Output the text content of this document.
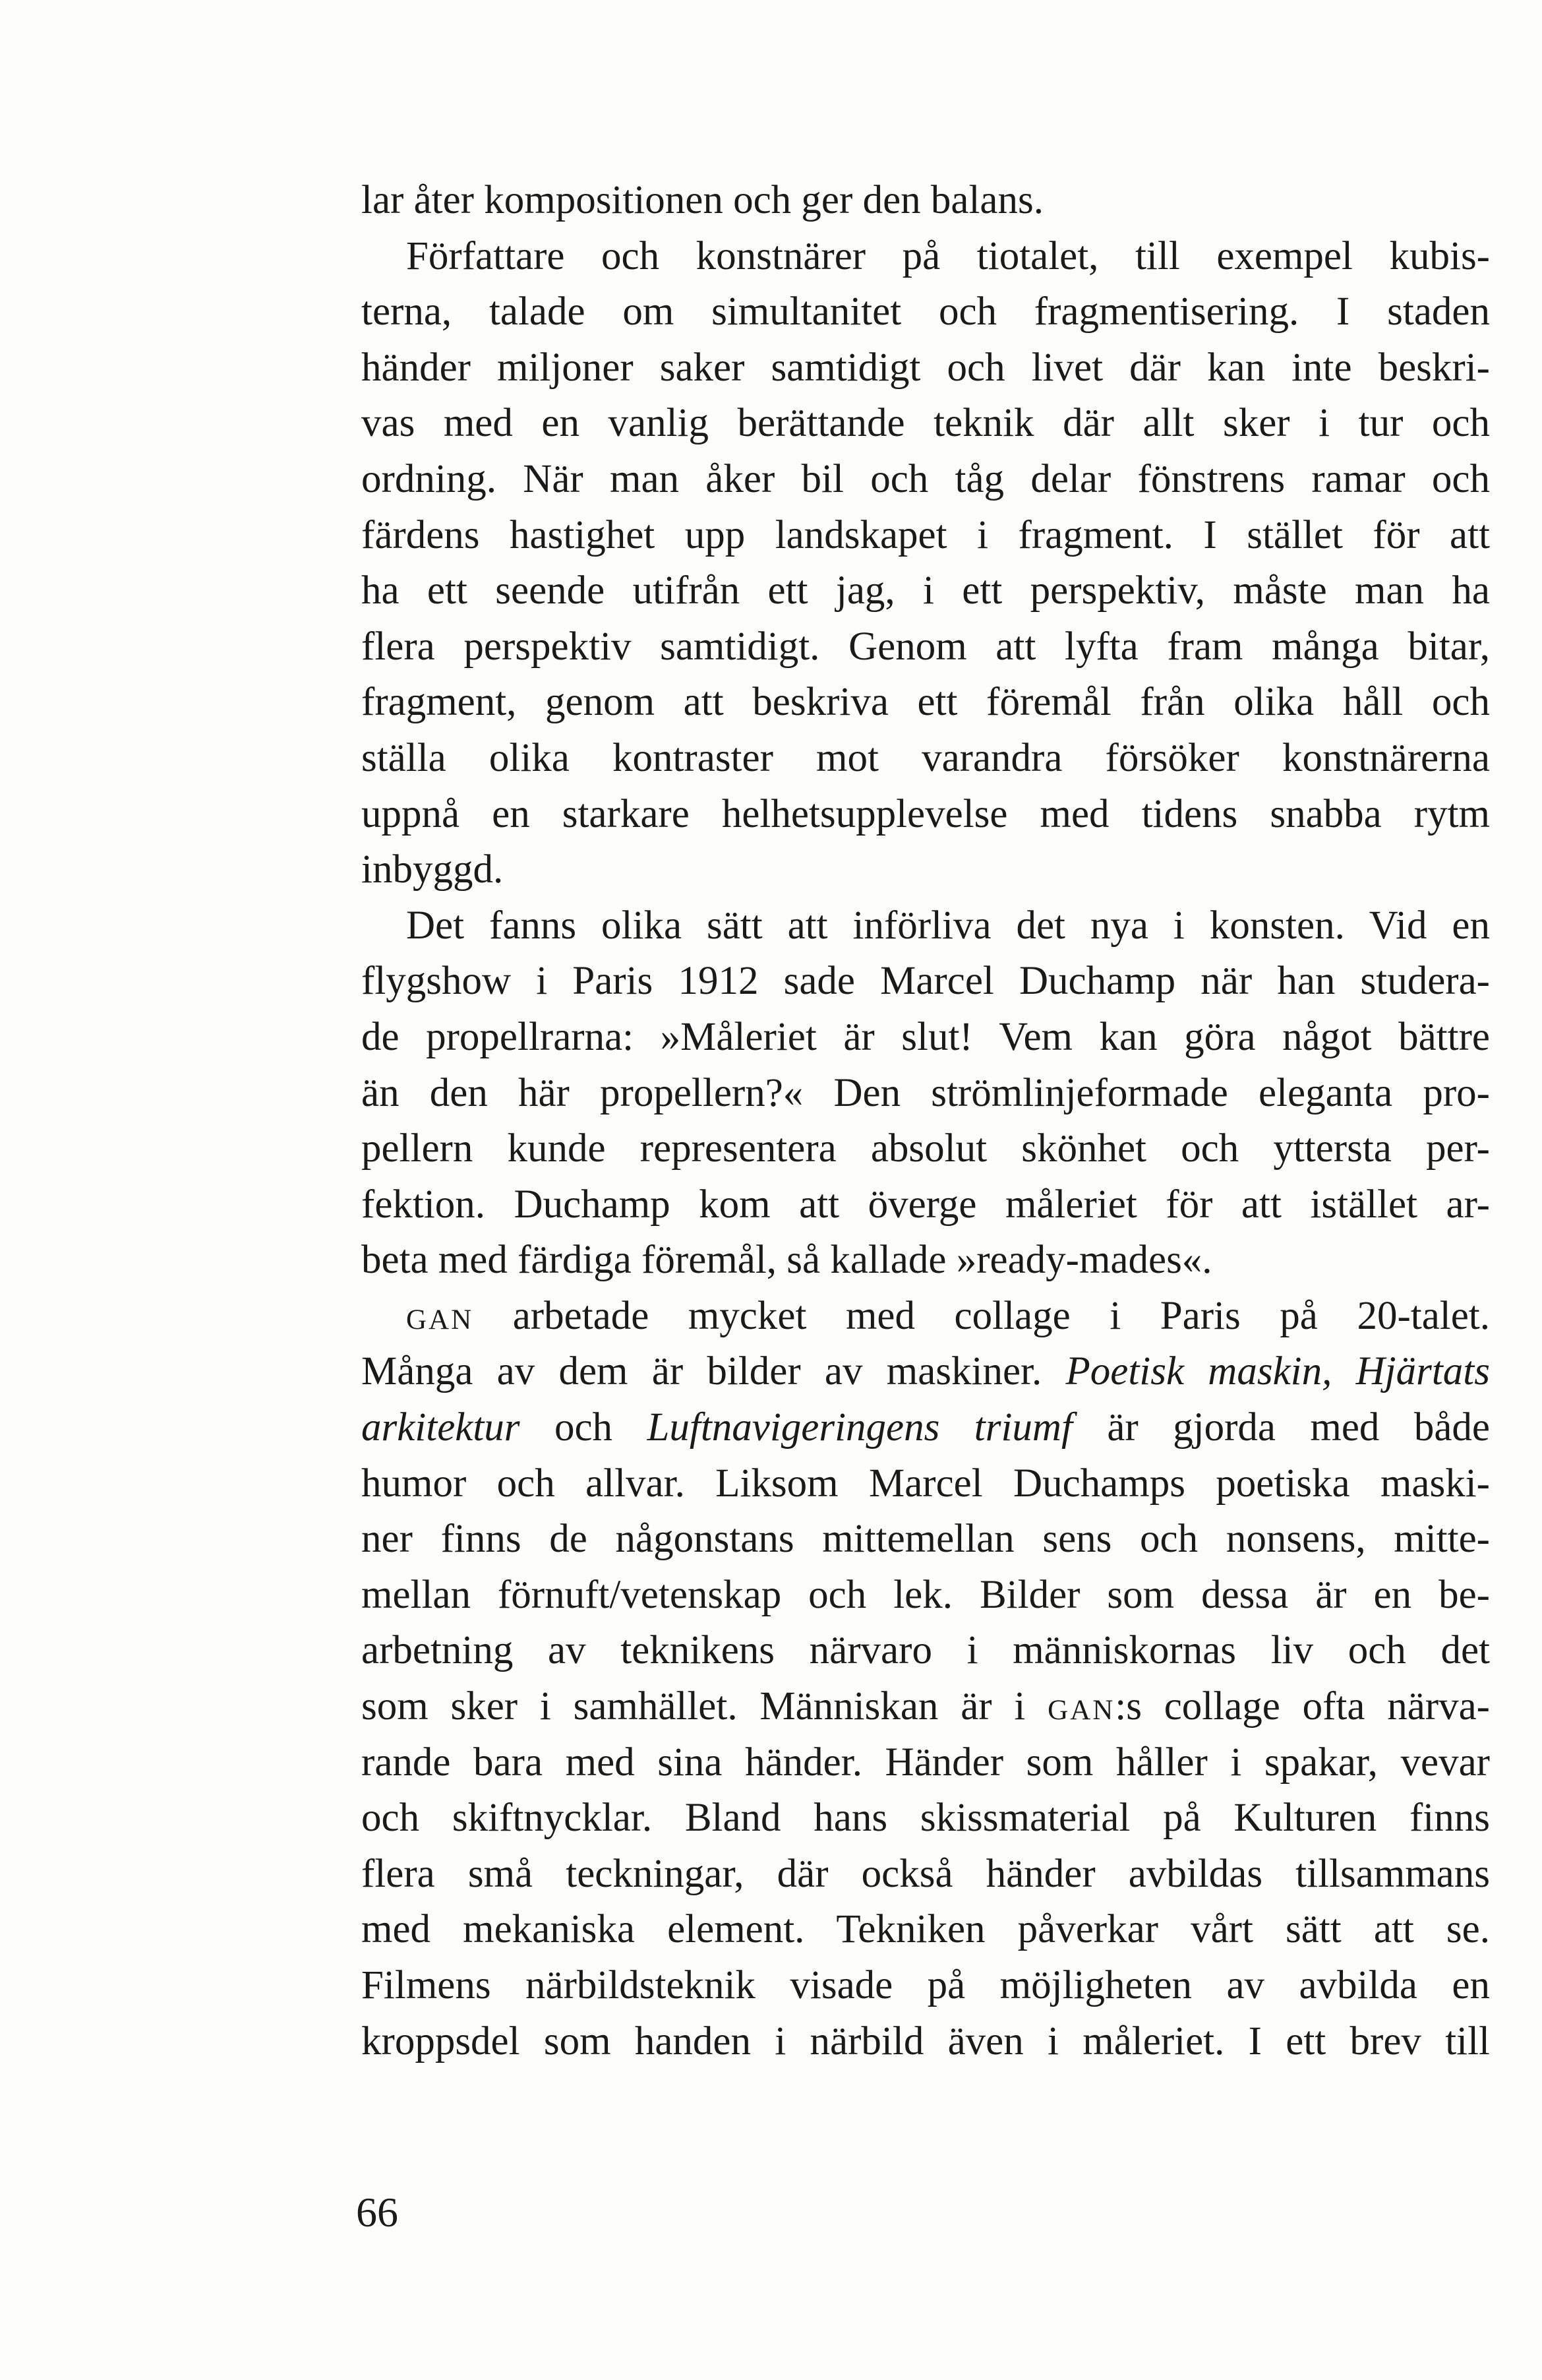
lar åter kompositionen och ger den balans.
Författare och konstnärer på tiotalet, till exempel kubis-
terna, talade om simultanitet och fragmentisering. I staden
händer miljoner saker samtidigt och livet där kan inte beskri-
vas med en vanlig berättande teknik där allt sker i tur och
ordning. När man åker bil och tåg delar fönstrens ramar och
färdens hastighet upp landskapet i fragment. I stället för att
ha ett seende utifrån ett jag, i ett perspektiv, måste man ha
flera perspektiv samtidigt. Genom att lyfta fram många bitar,
fragment, genom att beskriva ett föremål från olika håll och
ställa olika kontraster mot varandra försöker konstnärerna
uppnå en starkare helhetsupplevelse med tidens snabba rytm
inbyggd.
Det fanns olika sätt att införliva det nya i konsten. Vid en
flygshow i Paris 1912 sade Marcel Duchamp när han studera-
de propellrarna: »Måleriet är slut! Vem kan göra något bättre
än den här propellern?« Den strömlinjeformade eleganta pro-
pellern kunde representera absolut skönhet och yttersta per-
fektion. Duchamp kom att överge måleriet för att istället ar-
beta med färdiga föremål, så kallade »ready-mades«.
GAN arbetade mycket med collage i Paris på 20-talet.
Många av dem är bilder av maskiner. Poetisk maskin, Hjärtats
arkitektur och Luftnavigeringens triumf är gjorda med både
humor och allvar. Liksom Marcel Duchamps poetiska maski-
ner finns de någonstans mittemellan sens och nonsens, mitte-
mellan förnuft/vetenskap och lek. Bilder som dessa är en be-
arbetning av teknikens närvaro i människornas liv och det
som sker i samhället. Människan är i GAN:s collage ofta närva-
rande bara med sina händer. Händer som håller i spakar, vevar
och skiftnycklar. Bland hans skissmaterial på Kulturen finns
flera små teckningar, där också händer avbildas tillsammans
med mekaniska element. Tekniken påverkar vårt sätt att se.
Filmens närbildsteknik visade på möjligheten av avbilda en
kroppsdel som handen i närbild även i måleriet. I ett brev till
66
